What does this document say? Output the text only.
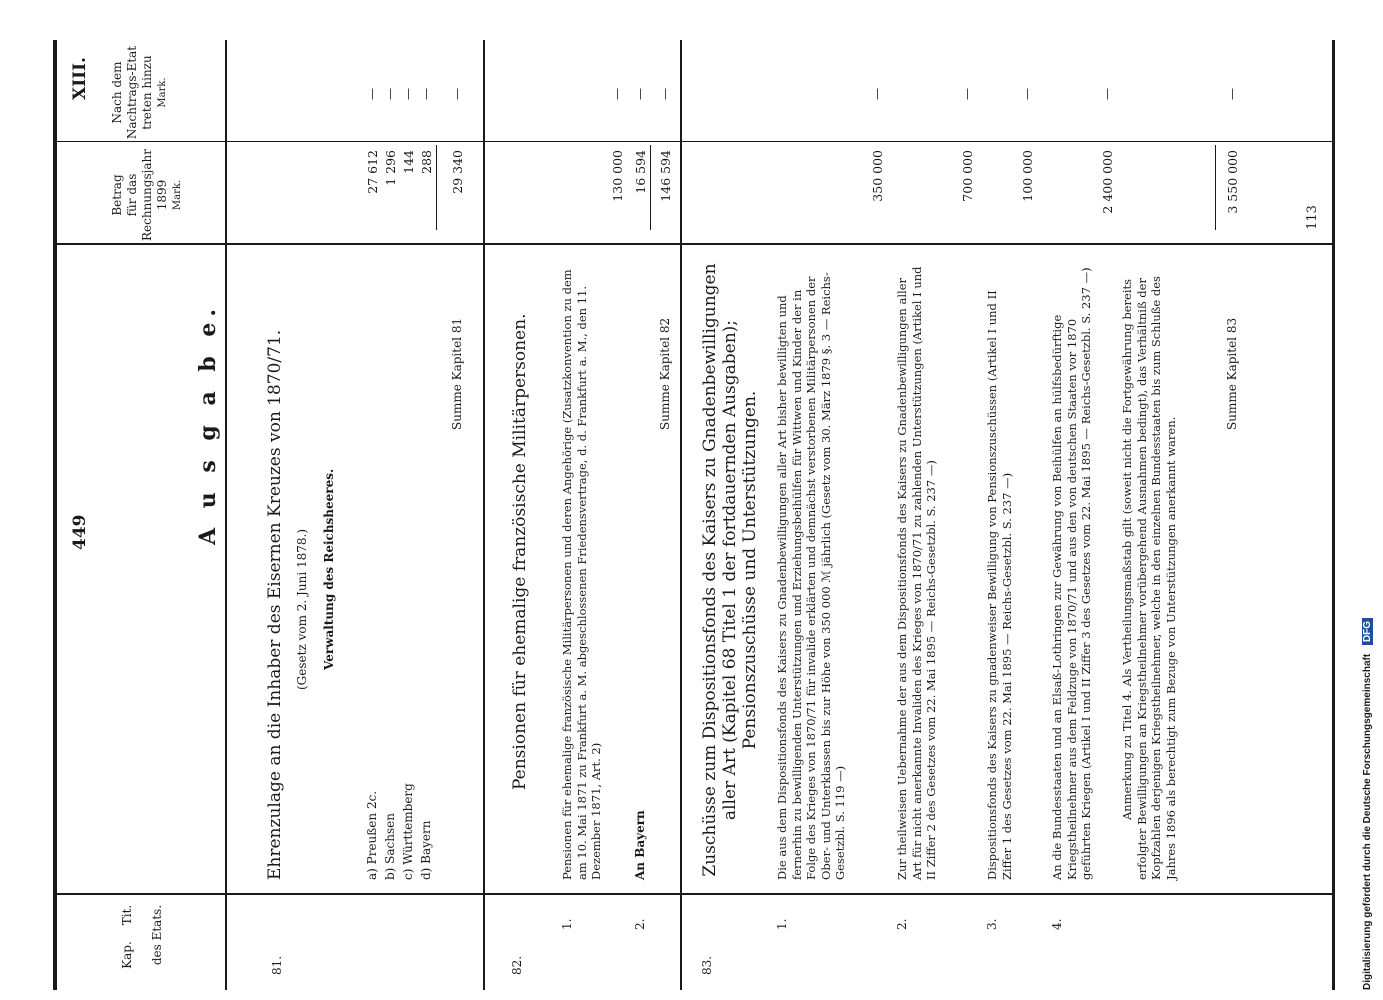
449
XIII.
A u s g a b e.
Kap.
Tit. des Etats.
Betrag für das Rechnungsjahr 1899 Mark.
Nach dem Nachtrags-Etat treten hinzu Mark.
81.
Ehrenzulage an die Inhaber des Eisernen Kreuzes von 1870/71. (Gesetz vom 2. Juni 1878.) Verwaltung des Reichsheeres.
a) Preußen 2c.
27 612
—
b) Sachsen
1 296
—
c) Württemberg
144
—
d) Bayern
288
—
Summe Kapitel 81
29 340
—
82.
Pensionen für ehemalige französische Militärpersonen.
1.
Pensionen für ehemalige französische Militärpersonen und deren Angehörige (Zusatzkonvention zu dem am 10. Mai 1871 zu Frankfurt a. M. abgeschlossenen Friedensvertrage, d. d. Frankfurt a. M., den 11. Dezember 1871, Art. 2)
130 000
—
2.
An Bayern
16 594
—
Summe Kapitel 82
146 594
—
83.
Zuschüsse zum Dispositionsfonds des Kaisers zu Gnadenbewilligungen aller Art (Kapitel 68 Titel 1 der fortdauernden Ausgaben); Pensionszuschüsse und Unterstützungen.
1.
Die aus dem Dispositionsfonds des Kaisers zu Gnadenbewilligungen aller Art bisher bewilligten und fernerhin zu bewilligenden Unterstützungen und Erziehungsbeihülfen für Wittwen und Kinder der in Folge des Krieges von 1870/71 für invalide erklärten und demnächst verstorbenen Militärpersonen der Ober- und Unterklassen bis zur Höhe von 350 000 ℳ jährlich (Gesetz vom 30. März 1879 §. 3 — Reichs-Gesetzbl. S. 119 —)
350 000
—
2.
Zur theilweisen Uebernahme der aus dem Dispositionsfonds des Kaisers zu Gnadenbewilligungen aller Art für nicht anerkannte Invaliden des Krieges von 1870/71 zu zahlenden Unterstützungen (Artikel I und II Ziffer 2 des Gesetzes vom 22. Mai 1895 — Reichs-Gesetzbl. S. 237 —)
700 000
—
3.
Dispositionsfonds des Kaisers zu gnadenweiser Bewilligung von Pensionszuschüssen (Artikel I und II Ziffer 1 des Gesetzes vom 22. Mai 1895 — Reichs-Gesetzbl. S. 237 —)
100 000
—
4.
An die Bundesstaaten und an Elsaß-Lothringen zur Gewährung von Beihülfen an hülfsbedürftige Kriegstheilnehmer aus dem Feldzuge von 1870/71 und aus den von deutschen Staaten vor 1870 geführten Kriegen (Artikel I und II Ziffer 3 des Gesetzes vom 22. Mai 1895 — Reichs-Gesetzbl. S. 237 —)
2 400 000
—
Anmerkung zu Titel 4. Als Vertheilungsmaßstab gilt (soweit nicht die Fortgewährung bereits erfolgter Bewilligungen an Kriegstheilnehmer vorübergehend Ausnahmen bedingt), das Verhältniß der Kopfzahlen derjenigen Kriegstheilnehmer, welche in den einzelnen Bundesstaaten bis zum Schluße des Jahres 1896 als berechtigt zum Bezuge von Unterstützungen anerkannt waren.
Summe Kapitel 83
3 550 000
—
113
Digitalisierung gefördert durch die Deutsche Forschungsgemeinschaft DFG
